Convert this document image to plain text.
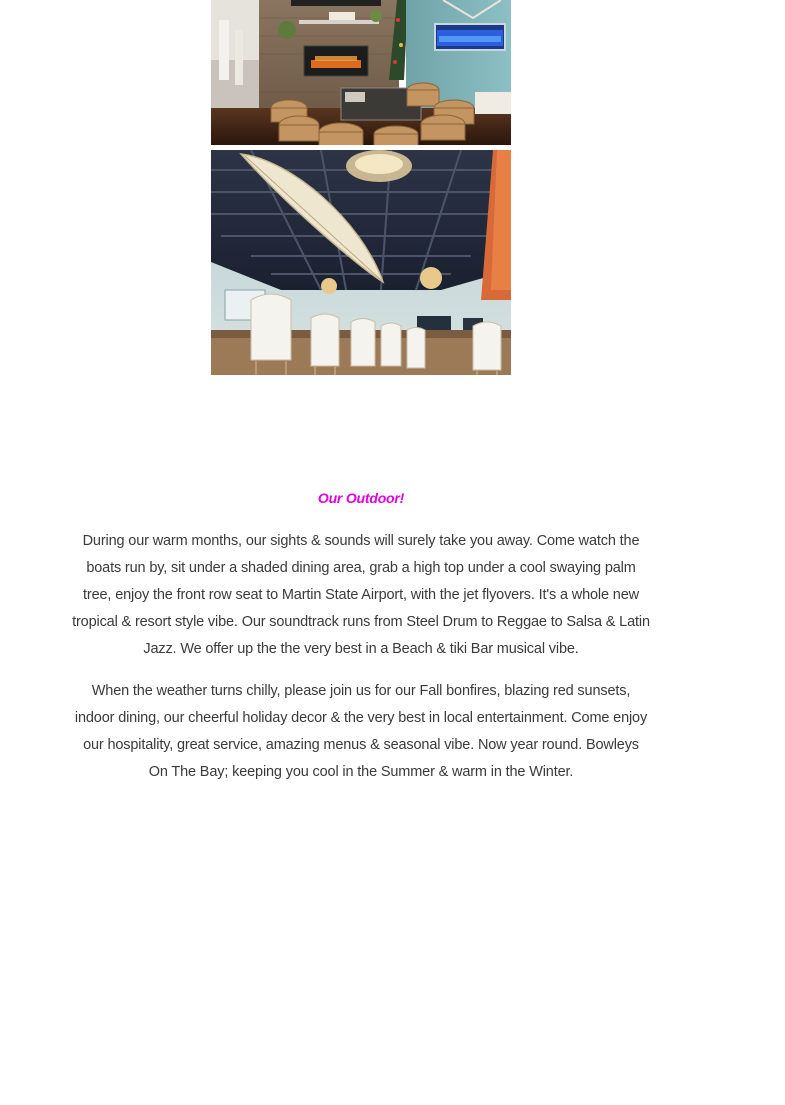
Our Outdoor!
During our warm months, our sights & sounds will surely take you away. Come watch the boats run by, sit under a shaded dining area, grab a high top under a cool swaying palm tree, enjoy the front row seat to Martin State Airport, with the jet flyovers. It's a whole new tropical & resort style vibe. Our soundtrack runs from Steel Drum to Reggae to Salsa & Latin Jazz. We offer up the the very best in a Beach & tiki Bar musical vibe.
When the weather turns chilly, please join us for our Fall bonfires, blazing red sunsets, indoor dining, our cheerful holiday decor & the very best in local entertainment. Come enjoy our hospitality, great service, amazing menus & seasonal vibe. Now year round. Bowleys On The Bay; keeping you cool in the Summer & warm in the Winter.
